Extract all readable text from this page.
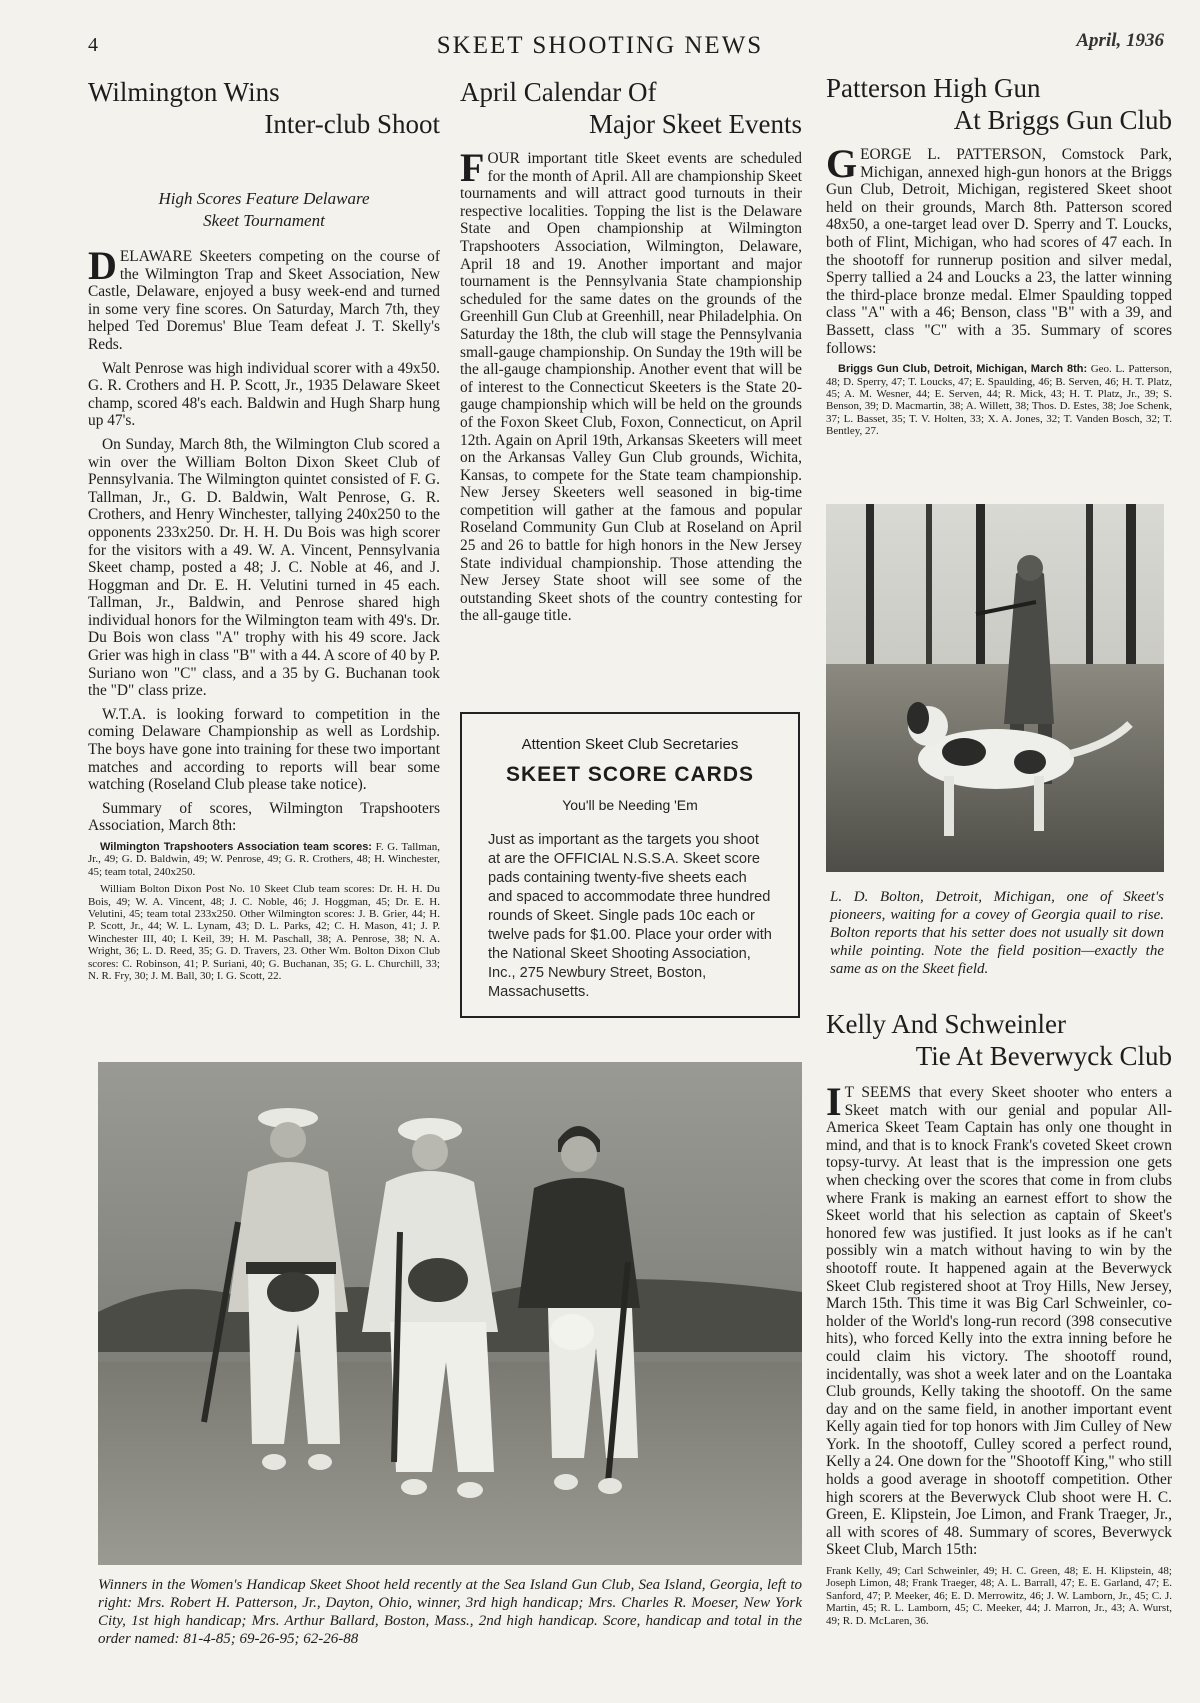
4	SKEET SHOOTING NEWS	April, 1936
Wilmington Wins
Inter-club Shoot

High Scores Feature Delaware

Skeet Tournament

DELAWARE Skeeters competing on the course of the Wilmington Trap and Skeet Association, New Castle, Delaware, enjoyed a busy week-end and turned in some very fine scores. On Saturday, March 7th, they helped Ted Doremus' Blue Team defeat J. T. Skelly's Reds.

Walt Penrose was high individual scorer with a 49x50. G. R. Crothers and H. P. Scott, Jr., 1935 Delaware Skeet champ, scored 48's each. Baldwin and Hugh Sharp hung up 47's.

On Sunday, March 8th, the Wilmington Club scored a win over the William Bolton Dixon Skeet Club of Pennsylvania. The Wilmington quintet consisted of F. G. Tallman, Jr., G. D. Baldwin, Walt Penrose, G. R. Crothers, and Henry Winchester, tallying 240x250 to the opponents 233x250. Dr. H. H. Du Bois was high scorer for the visitors with a 49. W. A. Vincent, Pennsylvania Skeet champ, posted a 48; J. C. Noble at 46, and J. Hoggman and Dr. E. H. Velutini turned in 45 each. Tallman, Jr., Baldwin, and Penrose shared high individual honors for the Wilmington team with 49's. Dr. Du Bois won class "A" trophy with his 49 score. Jack Grier was high in class "B" with a 44. A score of 40 by P. Suriano won "C" class, and a 35 by G. Buchanan took the "D" class prize.

W.T.A. is looking forward to competition in the coming Delaware Championship as well as Lordship. The boys have gone into training for these two important matches and according to reports will bear some watching (Roseland Club please take notice).

Summary of scores, Wilmington Trapshooters Association, March 8th:

Wilmington Trapshooters Association team scores: F. G. Tallman, Jr., 49; G. D. Baldwin, 49; W. Penrose, 49; G. R. Crothers, 48; H. Winchester, 45; team total, 240x250.

William Bolton Dixon Post No. 10 Skeet Club team scores: Dr. H. H. Du Bois, 49; W. A. Vincent, 48; J. C. Noble, 46; J. Hoggman, 45; Dr. E. H. Velutini, 45; team total 233x250. Other Wilmington scores: J. B. Grier, 44; H. P. Scott, Jr., 44; W. L. Lynam, 43; D. L. Parks, 42; C. H. Mason, 41; J. P. Winchester III, 40; I. Keil, 39; H. M. Paschall, 38; A. Penrose, 38; N. A. Wright, 36; L. D. Reed, 35; G. D. Travers, 23. Other Wm. Bolton Dixon Club scores: C. Robinson, 41; P. Suriani, 40; G. Buchanan, 35; G. L. Churchill, 33; N. R. Fry, 30; J. M. Ball, 30; I. G. Scott, 22.

April Calendar Of
Major Skeet Events

FOUR important title Skeet events are scheduled for the month of April. All are championship Skeet tournaments and will attract good turnouts in their respective localities. Topping the list is the Delaware State and Open championship at Wilmington Trapshooters Association, Wilmington, Delaware, April 18 and 19. Another important and major tournament is the Pennsylvania State championship scheduled for the same dates on the grounds of the Greenhill Gun Club at Greenhill, near Philadelphia. On Saturday the 18th, the club will stage the Pennsylvania small-gauge championship. On Sunday the 19th will be the all-gauge championship. Another event that will be of interest to the Connecticut Skeeters is the State 20-gauge championship which will be held on the grounds of the Foxon Skeet Club, Foxon, Connecticut, on April 12th. Again on April 19th, Arkansas Skeeters will meet on the Arkansas Valley Gun Club grounds, Wichita, Kansas, to compete for the State team championship. New Jersey Skeeters well seasoned in big-time competition will gather at the famous and popular Roseland Community Gun Club at Roseland on April 25 and 26 to battle for high honors in the New Jersey State individual championship. Those attending the New Jersey State shoot will see some of the outstanding Skeet shots of the country contesting for the all-gauge title.

Attention Skeet Club Secretaries
SKEET SCORE CARDS
You'll be Needing 'Em
Just as important as the targets you shoot at are the OFFICIAL N.S.S.A. Skeet score pads containing twenty-five sheets each and spaced to accommodate three hundred rounds of Skeet. Single pads 10c each or twelve pads for $1.00. Place your order with the National Skeet Shooting Association, Inc., 275 Newbury Street, Boston, Massachusetts.
Patterson High Gun
At Briggs Gun Club

GEORGE L. PATTERSON, Comstock Park, Michigan, annexed high-gun honors at the Briggs Gun Club, Detroit, Michigan, registered Skeet shoot held on their grounds, March 8th. Patterson scored 48x50, a one-target lead over D. Sperry and T. Loucks, both of Flint, Michigan, who had scores of 47 each. In the shootoff for runnerup position and silver medal, Sperry tallied a 24 and Loucks a 23, the latter winning the third-place bronze medal. Elmer Spaulding topped class "A" with a 46; Benson, class "B" with a 39, and Bassett, class "C" with a 35. Summary of scores follows:

Briggs Gun Club, Detroit, Michigan, March 8th: Geo. L. Patterson, 48; D. Sperry, 47; T. Loucks, 47; E. Spaulding, 46; B. Serven, 46; H. T. Platz, 45; A. M. Wesner, 44; E. Serven, 44; R. Mick, 43; H. T. Platz, Jr., 39; S. Benson, 39; D. Macmartin, 38; A. Willett, 38; Thos. D. Estes, 38; Joe Schenk, 37; L. Basset, 35; T. V. Holten, 33; X. A. Jones, 32; T. Vanden Bosch, 32; T. Bentley, 27.

L. D. Bolton, Detroit, Michigan, one of Skeet's pioneers, waiting for a covey of Georgia quail to rise. Bolton reports that his setter does not usually sit down while pointing. Note the field position—exactly the same as on the Skeet field.

Kelly And Schweinler
Tie At Beverwyck Club

I T SEEMS that every Skeet shooter who enters a Skeet match with our genial and popular All-America Skeet Team Captain has only one thought in mind, and that is to knock Frank's coveted Skeet crown topsy-turvy. At least that is the impression one gets when checking over the scores that come in from clubs where Frank is making an earnest effort to show the Skeet world that his selection as captain of Skeet's honored few was justified. It just looks as if he can't possibly win a match without having to win by the shootoff route. It happened again at the Beverwyck Skeet Club registered shoot at Troy Hills, New Jersey, March 15th. This time it was Big Carl Schweinler, co-holder of the World's long-run record (398 consecutive hits), who forced Kelly into the extra inning before he could claim his victory. The shootoff round, incidentally, was shot a week later and on the Loantaka Club grounds, Kelly taking the shootoff. On the same day and on the same field, in another important event Kelly again tied for top honors with Jim Culley of New York. In the shootoff, Culley scored a perfect round, Kelly a 24. One down for the "Shootoff King," who still holds a good average in shootoff competition. Other high scorers at the Beverwyck Club shoot were H. C. Green, E. Klipstein, Joe Limon, and Frank Traeger, Jr., all with scores of 48. Summary of scores, Beverwyck Skeet Club, March 15th:

Frank Kelly, 49; Carl Schweinler, 49; H. C. Green, 48; E. H. Klipstein, 48; Joseph Limon, 48; Frank Traeger, 48; A. L. Barrall, 47; E. E. Garland, 47; E. Sanford, 47; P. Meeker, 46; E. D. Merrowitz, 46; J. W. Lamborn, Jr., 45; C. J. Martin, 45; R. L. Lamborn, 45; C. Meeker, 44; J. Marron, Jr., 43; A. Wurst, 49; R. D. McLaren, 36.

Winners in the Women's Handicap Skeet Shoot held recently at the Sea Island Gun Club, Sea Island, Georgia, left to right: Mrs. Robert H. Patterson, Jr., Dayton, Ohio, winner, 3rd high handicap; Mrs. Charles R. Moeser, New York City, 1st high handicap; Mrs. Arthur Ballard, Boston, Mass., 2nd high handicap. Score, handicap and total in the order named: 81-4-85; 69-26-95; 62-26-88
